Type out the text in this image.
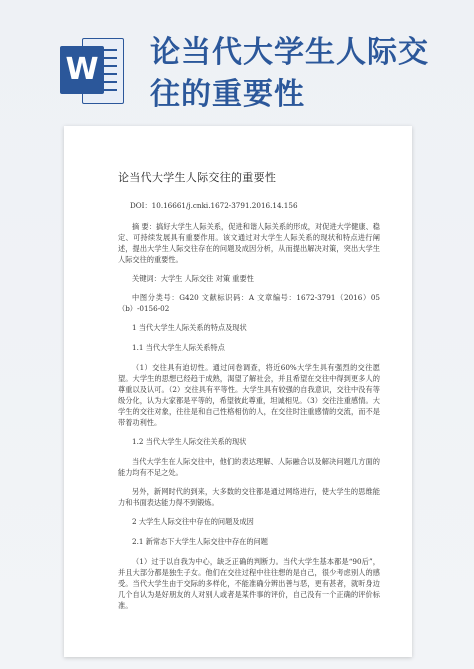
W 论当代大学生人际交往的重要性
论当代大学生人际交往的重要性
DOI：10.16661/j.cnki.1672-3791.2016.14.156
摘 要：搞好大学生人际关系，促进和谐人际关系的形成，对促进大学健康、稳定、可持续发展具有重要作用。该文通过对大学生人际关系的现状和特点进行阐述，提出大学生人际交往存在的问题及成因分析，从而提出解决对策，突出大学生人际交往的重要性。
关键词：大学生 人际交往 对策 重要性
中图分类号：G420 文献标识码：A 文章编号：1672-3791（2016）05（b）-0156-02
1 当代大学生人际关系的特点及现状
1.1 当代大学生人际关系特点
（1）交往具有迫切性。通过问卷调查，将近60%大学生具有强烈的交往愿望。大学生的思想已经趋于成熟，渴望了解社会，并且希望在交往中得到更多人的尊重以及认可。（2）交往具有平等性。大学生具有较强的自我意识，交往中没有等级分化，认为大家都是平等的，希望彼此尊重，坦诚相见。（3）交往注重感情。大学生的交往对象，往往是和自己性格相仿的人，在交往时注重感情的交流，而不是带着功利性。
1.2 当代大学生人际交往关系的现状
当代大学生在人际交往中，他们的表达理解、人际融合以及解决问题几方面的能力均有不足之处。
另外，新网时代的到来，大多数的交往都是通过网络进行，使大学生的思维能力和书面表达能力得不到锻炼。
2 大学生人际交往中存在的问题及成因
2.1 新常态下大学生人际交往中存在的问题
（1）过于以自我为中心，缺乏正确的判断力。当代大学生基本都是“90后”，并且大部分都是独生子女。他们在交往过程中往往想的是自己，很少考虑别人的感受。当代大学生由于交际的多样化，不能准确分辨出善与恶，更有甚者，就听身边几个自认为是好朋友的人对别人或者是某件事的评价，自己没有一个正确的评价标准。
